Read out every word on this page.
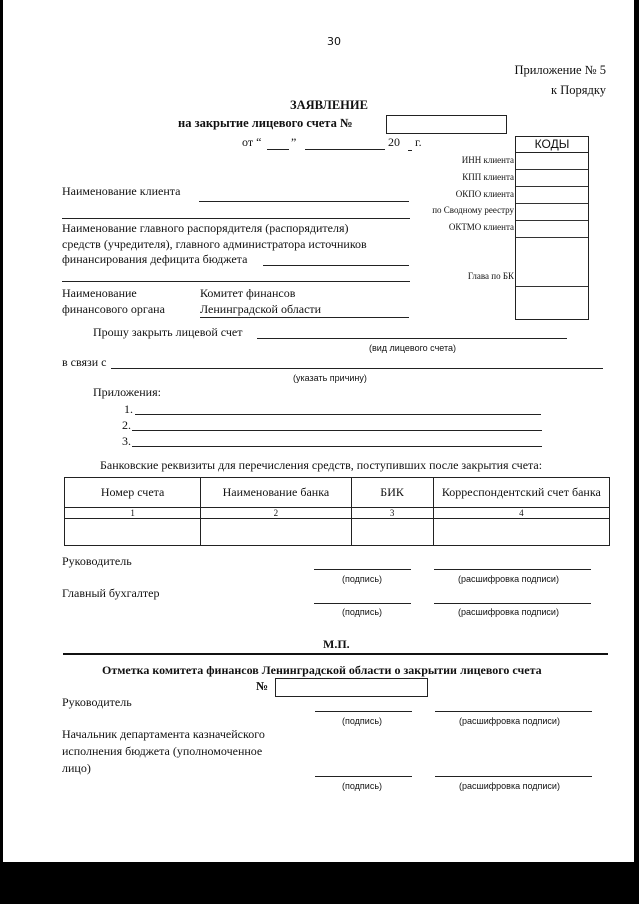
30
Приложение № 5
к Порядку
ЗАЯВЛЕНИЕ
на закрытие лицевого счета №
от “ ”	20 г.	КОДЫ
ИНН клиента
КПП клиента
ОКПО клиента
по Сводному реестру
ОКТМО клиента
Глава по БК
Наименование клиента
Наименование главного распорядителя (распорядителя)
средств (учредителя), главного администратора источников
финансирования дефицита бюджета
Наименование
финансового органа
Комитет финансов
Ленинградской области
Прошу закрыть лицевой счет
(вид лицевого счета)
в связи с
(указать причину)
Приложения:
1.
2.
3.
Банковские реквизиты для перечисления средств, поступивших после закрытия счета:
Номер счета	Наименование банка	БИК	Корреспондентский счет банка
1	2	3	4

Руководитель
(подпись)	(расшифровка подписи)
Главный бухгалтер
(подпись)	(расшифровка подписи)
М.П.
Отметка комитета финансов Ленинградской области о закрытии лицевого счета
№
Руководитель
(подпись)	(расшифровка подписи)
Начальник департамента казначейского
исполнения бюджета (уполномоченное
лицо)
(подпись)	(расшифровка подписи)
